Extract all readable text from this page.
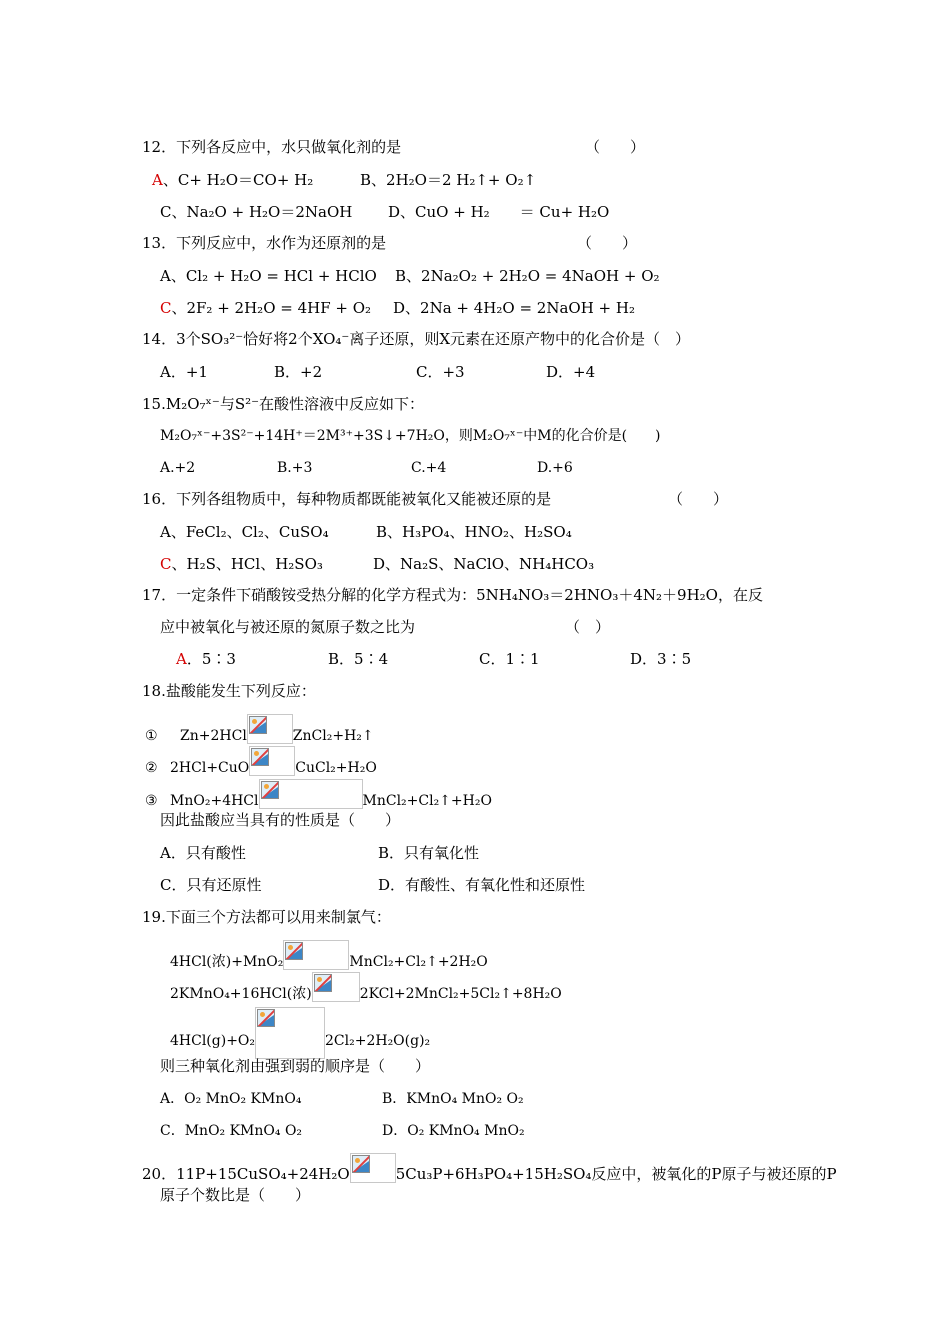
12．下列各反应中，水只做氧化剂的是	（　　）
A、C+ H₂O＝CO+ H₂	B、2H₂O＝2 H₂↑+ O₂↑
C、Na₂O + H₂O＝2NaOH D、CuO + H₂　　＝ Cu+ H₂O
13．下列反应中，水作为还原剂的是	（　　）
A、Cl₂ + H₂O = HCl + HClO B、2Na₂O₂ + 2H₂O = 4NaOH + O₂
C、2F₂ + 2H₂O = 4HF + O₂ D、2Na + 4H₂O = 2NaOH + H₂
14．3个SO₃²⁻恰好将2个XO₄⁻离子还原，则X元素在还原产物中的化合价是（　）
A．+1	B．+2	C．+3	D．+4
15.M₂O₇ˣ⁻与S²⁻在酸性溶液中反应如下：
M₂O₇ˣ⁻+3S²⁻+14H⁺＝2M³⁺+3S↓+7H₂O，则M₂O₇ˣ⁻中M的化合价是(　　)
A.+2	B.+3	C.+4	D.+6
16．下列各组物质中，每种物质都既能被氧化又能被还原的是	（　　）
A、FeCl₂、Cl₂、CuSO₄	B、H₃PO₄、HNO₂、H₂SO₄
C、H₂S、HCl、H₂SO₃	D、Na₂S、NaClO、NH₄HCO₃
17．一定条件下硝酸铵受热分解的化学方程式为：5NH₄NO₃＝2HNO₃＋4N₂＋9H₂O，在反
应中被氧化与被还原的氮原子数之比为	（　）
A．5∶3	B．5∶4	C．1∶1	D．3∶5
18.盐酸能发生下列反应：
① Zn+2HCl	ZnCl₂+H₂↑
② 2HCl+CuO	CuCl₂+H₂O
③ MnO₂+4HCl	MnCl₂+Cl₂↑+H₂O
因此盐酸应当具有的性质是（　　）
A．只有酸性	B．只有氧化性
C．只有还原性	D．有酸性、有氧化性和还原性
19.下面三个方法都可以用来制氯气：
4HCl(浓)+MnO₂	MnCl₂+Cl₂↑+2H₂O
2KMnO₄+16HCl(浓)	2KCl+2MnCl₂+5Cl₂↑+8H₂O
4HCl(g)+O₂	2Cl₂+2H₂O(g)₂
则三种氧化剂由强到弱的顺序是（　　）
A．O₂ MnO₂ KMnO₄	B．KMnO₄ MnO₂ O₂
C．MnO₂ KMnO₄ O₂	D．O₂ KMnO₄ MnO₂
20．11P+15CuSO₄+24H₂O	5Cu₃P+6H₃PO₄+15H₂SO₄反应中，被氧化的P原子与被还原的P
原子个数比是（　　）
